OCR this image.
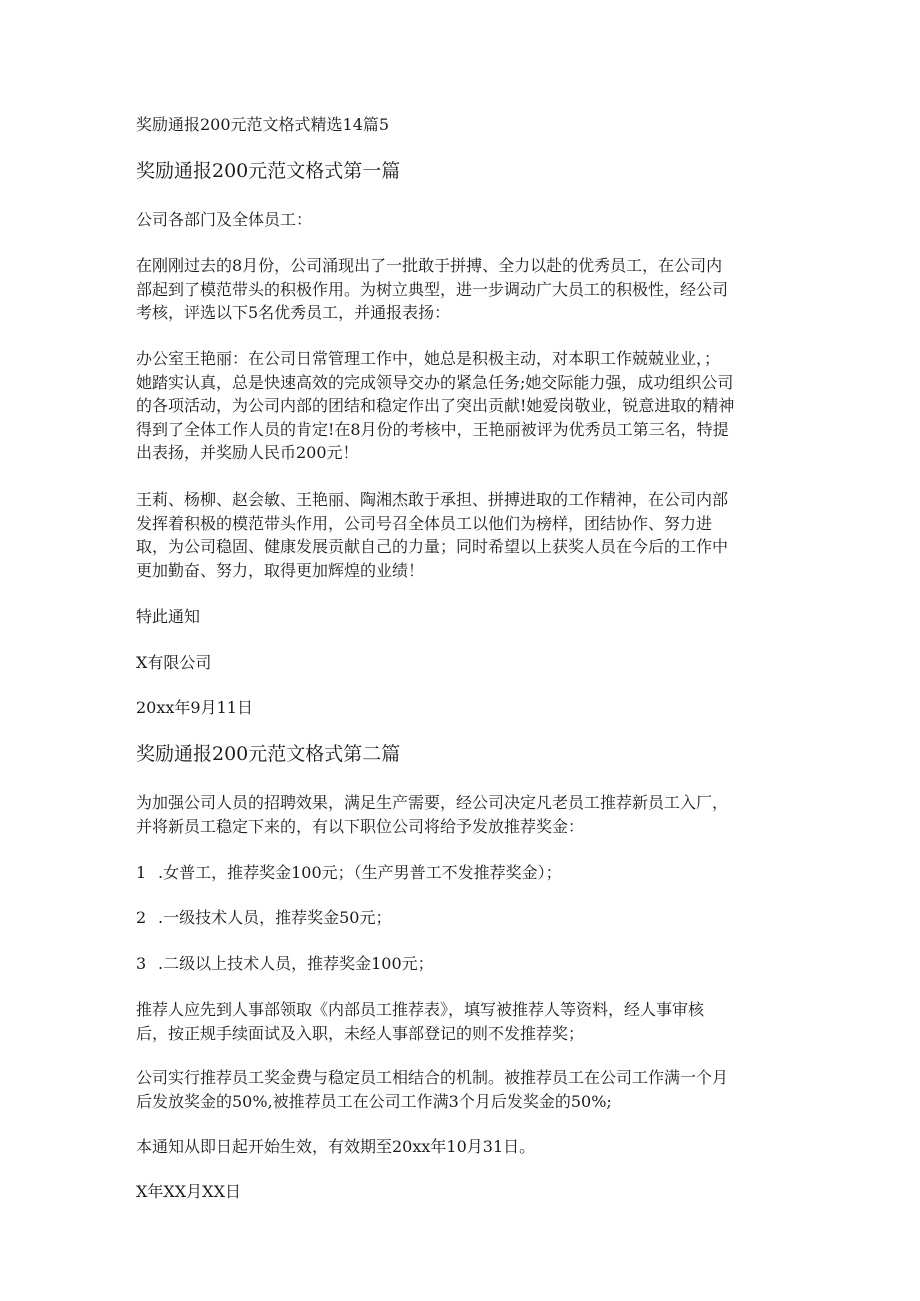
奖励通报200元范文格式精选14篇5
奖励通报200元范文格式第一篇
公司各部门及全体员工：
在刚刚过去的8月份，公司涌现出了一批敢于拼搏、全力以赴的优秀员工，在公司内
部起到了模范带头的积极作用。为树立典型，进一步调动广大员工的积极性，经公司
考核，评选以下5名优秀员工，并通报表扬：
办公室王艳丽：在公司日常管理工作中，她总是积极主动，对本职工作兢兢业业，；
她踏实认真，总是快速高效的完成领导交办的紧急任务;她交际能力强，成功组织公司
的各项活动，为公司内部的团结和稳定作出了突出贡献!她爱岗敬业，锐意进取的精神
得到了全体工作人员的肯定!在8月份的考核中，王艳丽被评为优秀员工第三名，特提
出表扬，并奖励人民币200元！
王莉、杨柳、赵会敏、王艳丽、陶湘杰敢于承担、拼搏进取的工作精神，在公司内部
发挥着积极的模范带头作用，公司号召全体员工以他们为榜样，团结协作、努力进
取，为公司稳固、健康发展贡献自己的力量；同时希望以上获奖人员在今后的工作中
更加勤奋、努力，取得更加辉煌的业绩！
特此通知
X有限公司
20xx年9月11日
奖励通报200元范文格式第二篇
为加强公司人员的招聘效果，满足生产需要，经公司决定凡老员工推荐新员工入厂，
并将新员工稳定下来的，有以下职位公司将给予发放推荐奖金：
1 .女普工，推荐奖金100元；（生产男普工不发推荐奖金）；
2 .一级技术人员，推荐奖金50元；
3 .二级以上技术人员，推荐奖金100元；
推荐人应先到人事部领取《内部员工推荐表》，填写被推荐人等资料，经人事审核
后，按正规手续面试及入职，未经人事部登记的则不发推荐奖；
公司实行推荐员工奖金费与稳定员工相结合的机制。被推荐员工在公司工作满一个月
后发放奖金的50%,被推荐员工在公司工作满3个月后发奖金的50%;
本通知从即日起开始生效，有效期至20xx年10月31日。
X年XX月XX日
